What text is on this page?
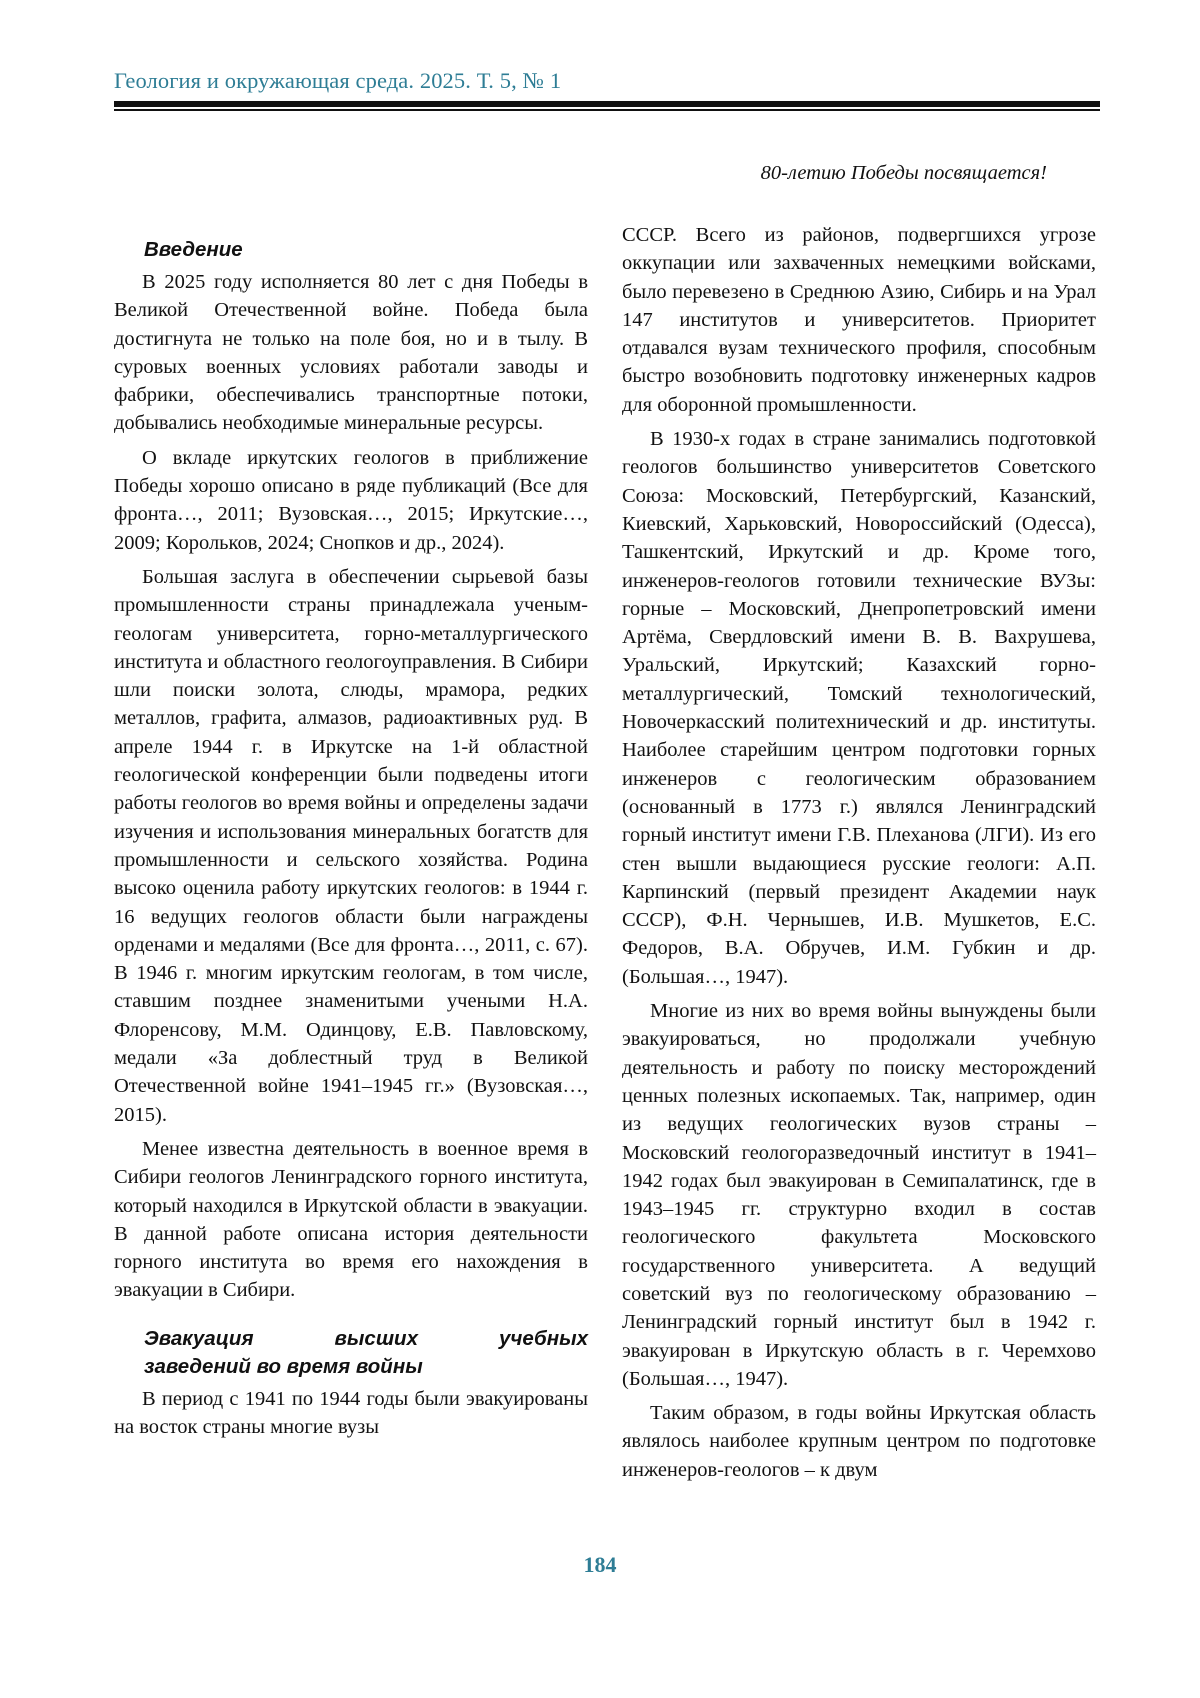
Геология и окружающая среда. 2025. Т. 5, № 1
80-летию Победы посвящается!
Введение

В 2025 году исполняется 80 лет с дня Победы в Великой Отечественной войне. Победа была достигнута не только на поле боя, но и в тылу. В суровых военных условиях работали заводы и фабрики, обеспечивались транспортные потоки, добывались необходимые минеральные ресурсы.

О вкладе иркутских геологов в приближение Победы хорошо описано в ряде публикаций (Все для фронта…, 2011; Вузовская…, 2015; Иркутские…, 2009; Корольков, 2024; Снопков и др., 2024).

Большая заслуга в обеспечении сырьевой базы промышленности страны принадлежала ученым-геологам университета, горно-металлургического института и областного геологоуправления. В Сибири шли поиски золота, слюды, мрамора, редких металлов, графита, алмазов, радиоактивных руд. В апреле 1944 г. в Иркутске на 1-й областной геологической конференции были подведены итоги работы геологов во время войны и определены задачи изучения и использования минеральных богатств для промышленности и сельского хозяйства. Родина высоко оценила работу иркутских геологов: в 1944 г. 16 ведущих геологов области были награждены орденами и медалями (Все для фронта…, 2011, с. 67). В 1946 г. многим иркутским геологам, в том числе, ставшим позднее знаменитыми учеными Н.А. Флоренсову, М.М. Одинцову, Е.В. Павловскому, медали «За доблестный труд в Великой Отечественной войне 1941–1945 гг.» (Вузовская…, 2015).

Менее известна деятельность в военное время в Сибири геологов Ленинградского горного института, который находился в Иркутской области в эвакуации. В данной работе описана история деятельности горного института во время его нахождения в эвакуации в Сибири.

Эвакуация высших учебных
заведений во время войны

В период с 1941 по 1944 годы были эвакуированы на восток страны многие вузы

СССР. Всего из районов, подвергшихся угрозе оккупации или захваченных немецкими войсками, было перевезено в Среднюю Азию, Сибирь и на Урал 147 институтов и университетов. Приоритет отдавался вузам технического профиля, способным быстро возобновить подготовку инженерных кадров для оборонной промышленности.

В 1930-х годах в стране занимались подготовкой геологов большинство университетов Советского Союза: Московский, Петербургский, Казанский, Киевский, Харьковский, Новороссийский (Одесса), Ташкентский, Иркутский и др. Кроме того, инженеров-геологов готовили технические ВУЗы: горные – Московский, Днепропетровский имени Артёма, Свердловский имени В. В. Вахрушева, Уральский, Иркутский; Казахский горно-металлургический, Томский технологический, Новочеркасский политехнический и др. институты. Наиболее старейшим центром подготовки горных инженеров с геологическим образованием (основанный в 1773 г.) являлся Ленинградский горный институт имени Г.В. Плеханова (ЛГИ). Из его стен вышли выдающиеся русские геологи: А.П. Карпинский (первый президент Академии наук СССР), Ф.Н. Чернышев, И.В. Мушкетов, Е.С. Федоров, В.А. Обручев, И.М. Губкин и др. (Большая…, 1947).

Многие из них во время войны вынуждены были эвакуироваться, но продолжали учебную деятельность и работу по поиску месторождений ценных полезных ископаемых. Так, например, один из ведущих геологических вузов страны – Московский геологоразведочный институт в 1941–1942 годах был эвакуирован в Семипалатинск, где в 1943–1945 гг. структурно входил в состав геологического факультета Московского государственного университета. А ведущий советский вуз по геологическому образованию – Ленинградский горный институт был в 1942 г. эвакуирован в Иркутскую область в г. Черемхово (Большая…, 1947).

Таким образом, в годы войны Иркутская область являлось наиболее крупным центром по подготовке инженеров-геологов – к двум

184
